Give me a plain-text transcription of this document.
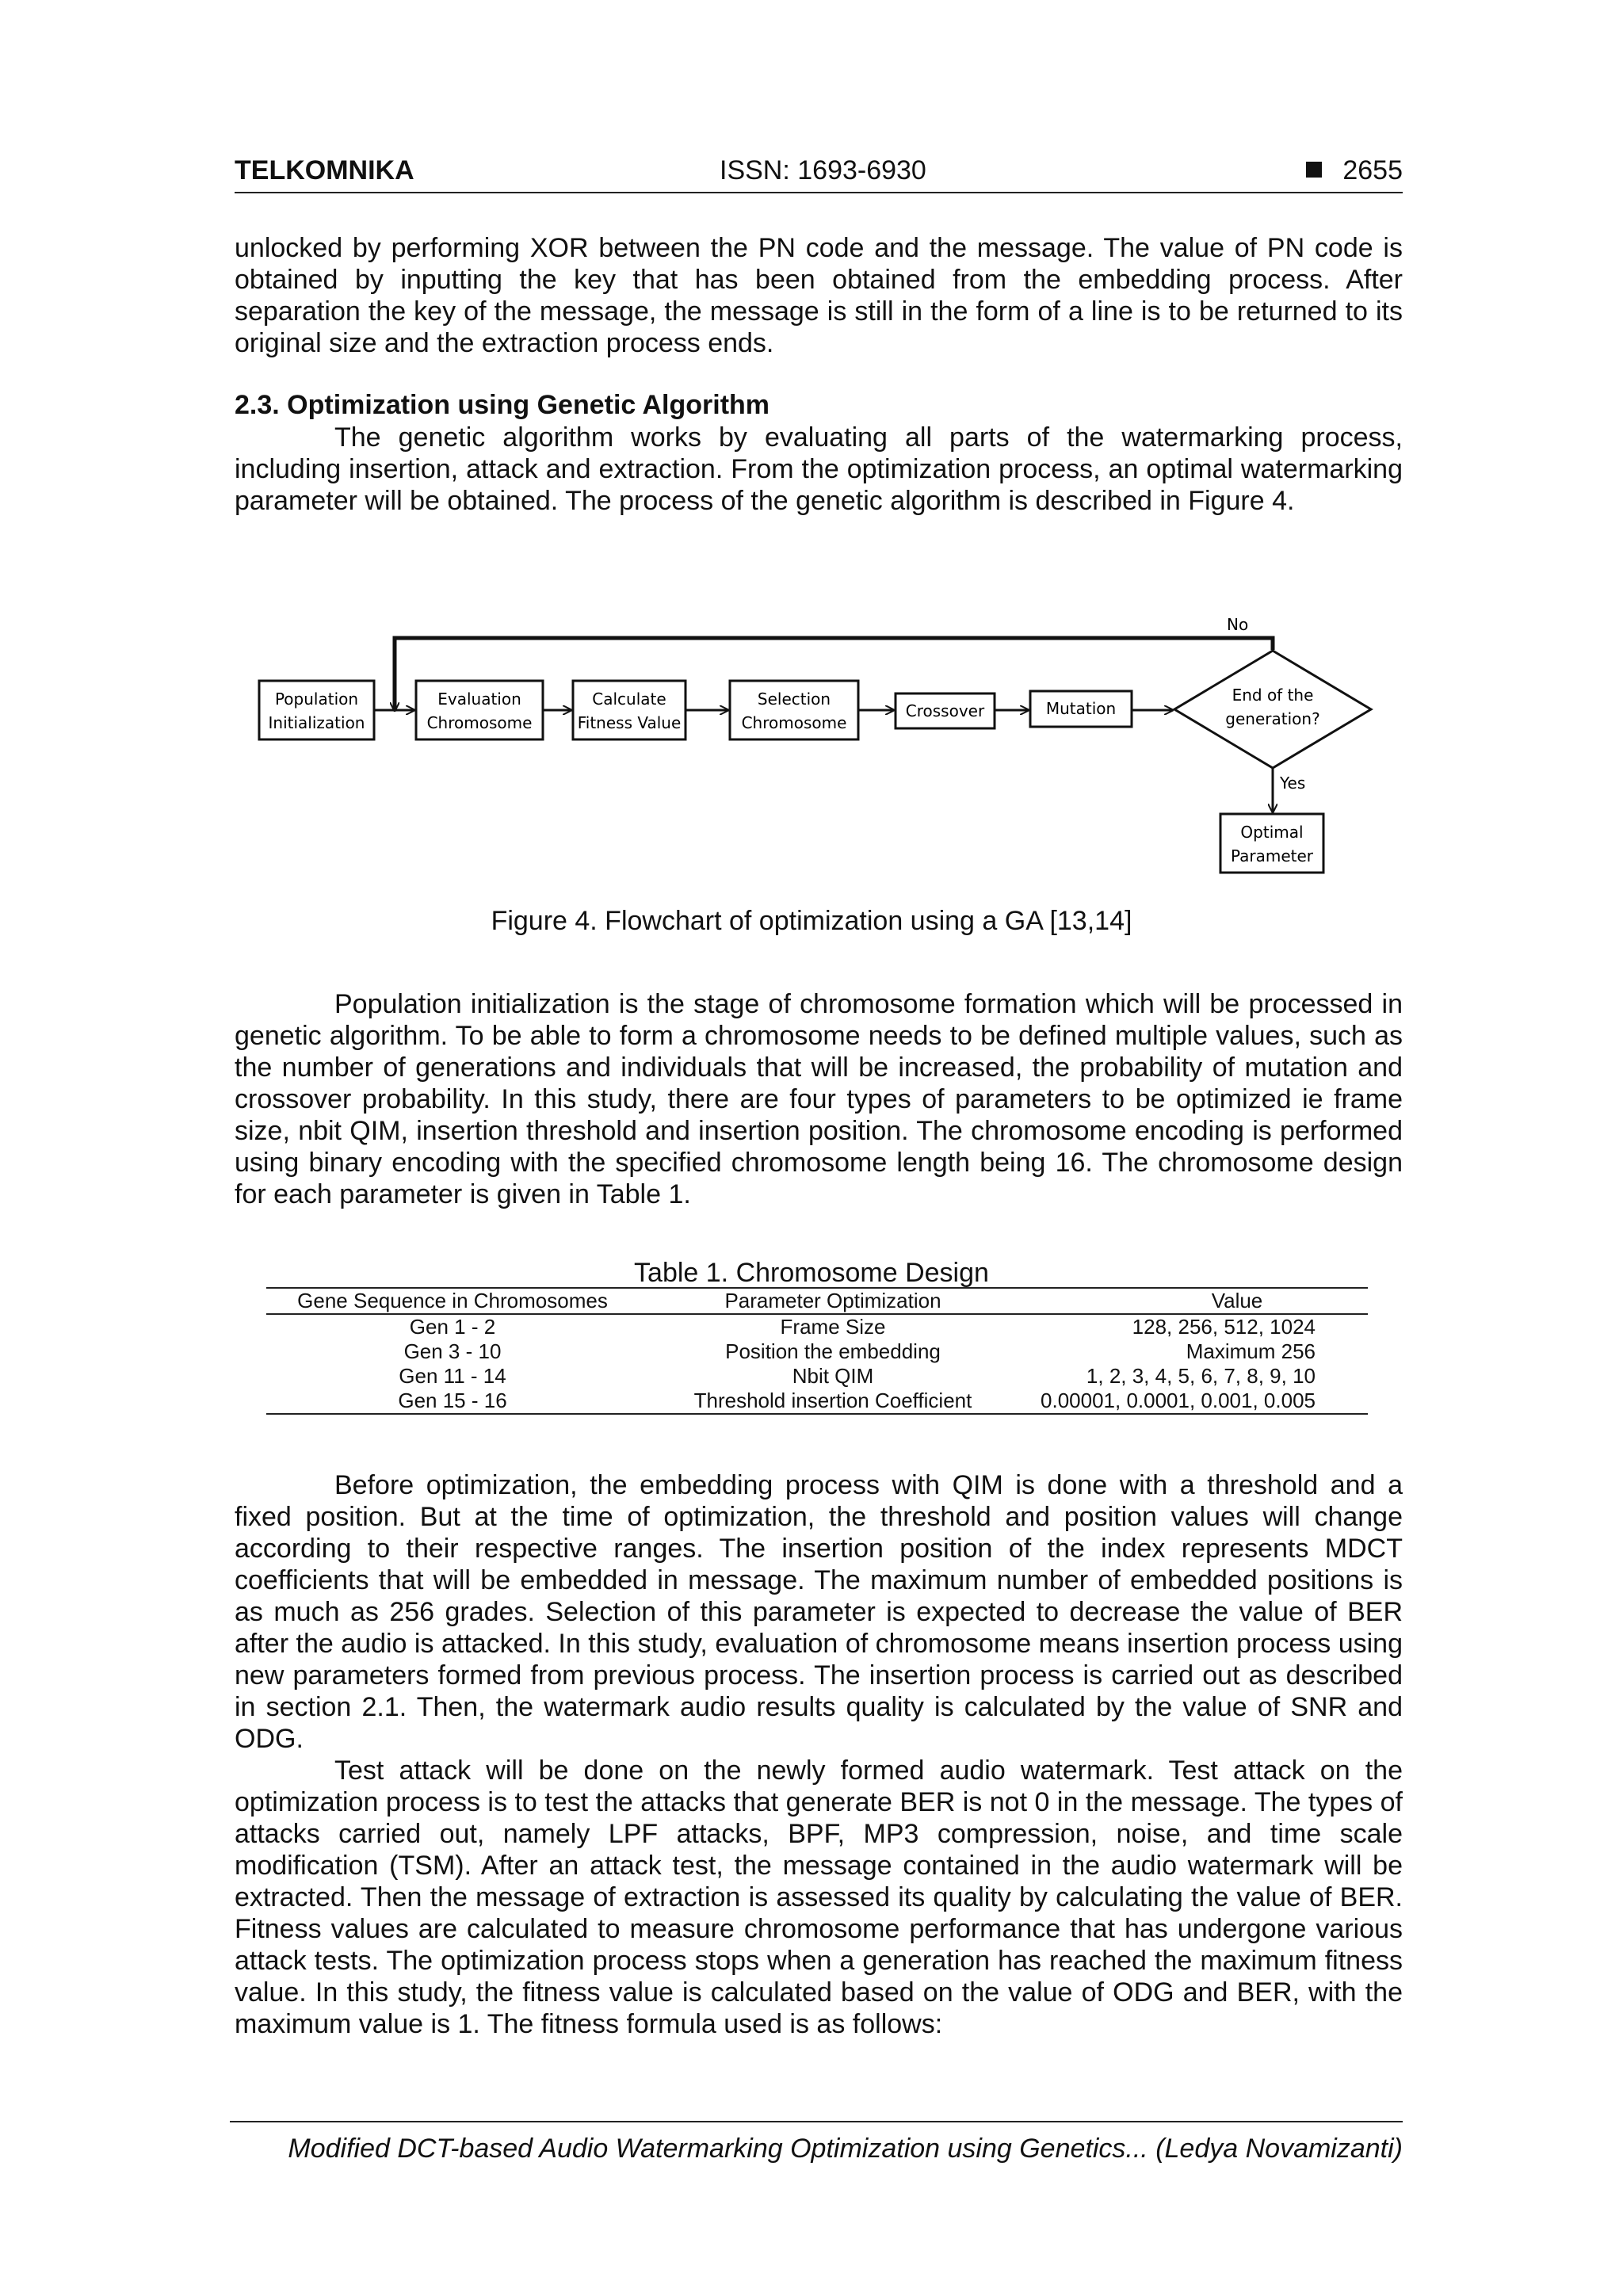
TELKOMNIKA	ISSN: 1693-6930	2655

unlocked by performing XOR between the PN code and the message. The value of PN code is obtained by inputting the key that has been obtained from the embedding process. After separation the key of the message, the message is still in the form of a line is to be returned to its original size and the extraction process ends.

2.3. Optimization using Genetic Algorithm

The genetic algorithm works by evaluating all parts of the watermarking process, including insertion, attack and extraction. From the optimization process, an optimal watermarking parameter will be obtained. The process of the genetic algorithm is described in Figure 4.

No
Population
Initialization
Evaluation
Chromosome
Calculate
Fitness Value
Selection
Chromosome
Crossover	Mutation
End of the
generation?
Optimal
Parameter
Yes
Figure 4. Flowchart of optimization using a GA [13,14]

Population initialization is the stage of chromosome formation which will be processed in genetic algorithm. To be able to form a chromosome needs to be defined multiple values, such as the number of generations and individuals that will be increased, the probability of mutation and crossover probability. In this study, there are four types of parameters to be optimized ie frame size, nbit QIM, insertion threshold and insertion position. The chromosome encoding is performed using binary encoding with the specified chromosome length being 16. The chromosome design for each parameter is given in Table 1.

Table 1. Chromosome Design
Gene Sequence in Chromosomes	Parameter Optimization	Value
Gen 1 - 2	Frame Size	128, 256, 512, 1024
Gen 3 - 10	Position the embedding	Maximum 256
Gen 11 - 14	Nbit QIM	1, 2, 3, 4, 5, 6, 7, 8, 9, 10
Gen 15 - 16	Threshold insertion Coefficient	0.00001, 0.0001, 0.001, 0.005

Before optimization, the embedding process with QIM is done with a threshold and a fixed position. But at the time of optimization, the threshold and position values will change according to their respective ranges. The insertion position of the index represents MDCT coefficients that will be embedded in message. The maximum number of embedded positions is as much as 256 grades. Selection of this parameter is expected to decrease the value of BER after the audio is attacked. In this study, evaluation of chromosome means insertion process using new parameters formed from previous process. The insertion process is carried out as described in section 2.1. Then, the watermark audio results quality is calculated by the value of SNR and ODG.

Test attack will be done on the newly formed audio watermark. Test attack on the optimization process is to test the attacks that generate BER is not 0 in the message. The types of attacks carried out, namely LPF attacks, BPF, MP3 compression, noise, and time scale modification (TSM). After an attack test, the message contained in the audio watermark will be extracted. Then the message of extraction is assessed its quality by calculating the value of BER. Fitness values are calculated to measure chromosome performance that has undergone various attack tests. The optimization process stops when a generation has reached the maximum fitness value. In this study, the fitness value is calculated based on the value of ODG and BER, with the maximum value is 1. The fitness formula used is as follows:

Modified DCT-based Audio Watermarking Optimization using Genetics... (Ledya Novamizanti)
